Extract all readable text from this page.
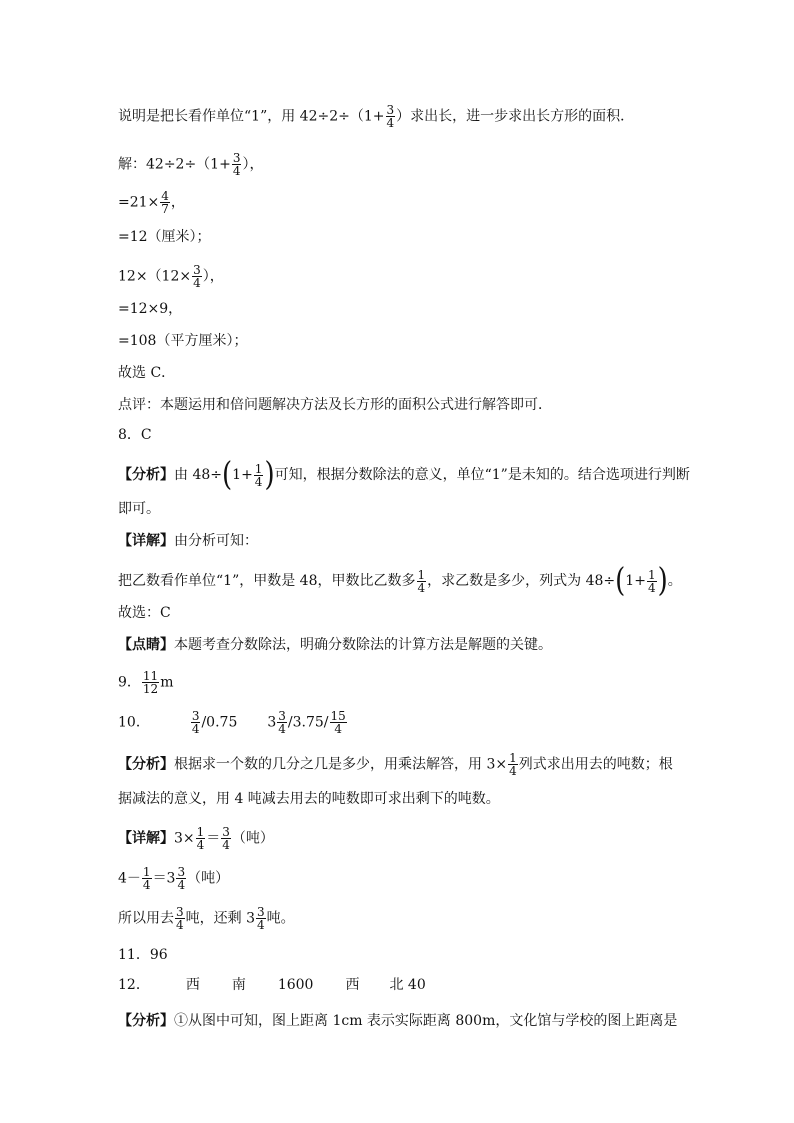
说明是把长看作单位“1”，用 $42\div 2\div(1+ \frac{3}{4}$ ）求出长，进一步求出长方形的面积．
解：$42\div 2\div(1+ \frac{3}{4}$ ），
$=21\times \frac{4}{7}$ ，
=12（厘米）；
$12\times(12\times \frac{3}{4}$ ），
=12×9，
=108（平方厘米）；
故选 C．
点评：本题运用和倍问题解决方法及长方形的面积公式进行解答即可．
8．C
【分析】由 $48\div(1+ \frac{1}{4}$ )可知，根据分数除法的意义，单位“1”是未知的。结合选项进行判断
即可。
【详解】由分析可知：
把乙数看作单位“1”，甲数是 48，甲数比乙数多 $\frac{1}{4}$ ，求乙数是多少，列式为 $48\div(1+ \frac{1}{4}$ )。
故选：C
【点睛】本题考查分数除法，明确分数除法的计算方法是解题的关键。
9． $\frac{11}{12}$ m
10．	$\frac{3}{4} /0.75$ $3 \frac{3}{4} /3.75/ \frac{15}{4}$
【分析】根据求一个数的几分之几是多少，用乘法解答，用 $3\times \frac{1}{4}$ 列式求出用去的吨数；根
据减法的意义，用 4 吨减去用去的吨数即可求出剩下的吨数。
【详解】$3\times \frac{1}{4} = \frac{3}{4}$ （吨）
$4- \frac{1}{4} =3 \frac{3}{4}$ （吨）
所以用去 $\frac{3}{4}$ 吨，还剩 $3 \frac{3}{4}$ 吨。
11．96
12．	西 南 1600 西 北 40
【分析】①从图中可知，图上距离 1cm 表示实际距离 800m，文化馆与学校的图上距离是
